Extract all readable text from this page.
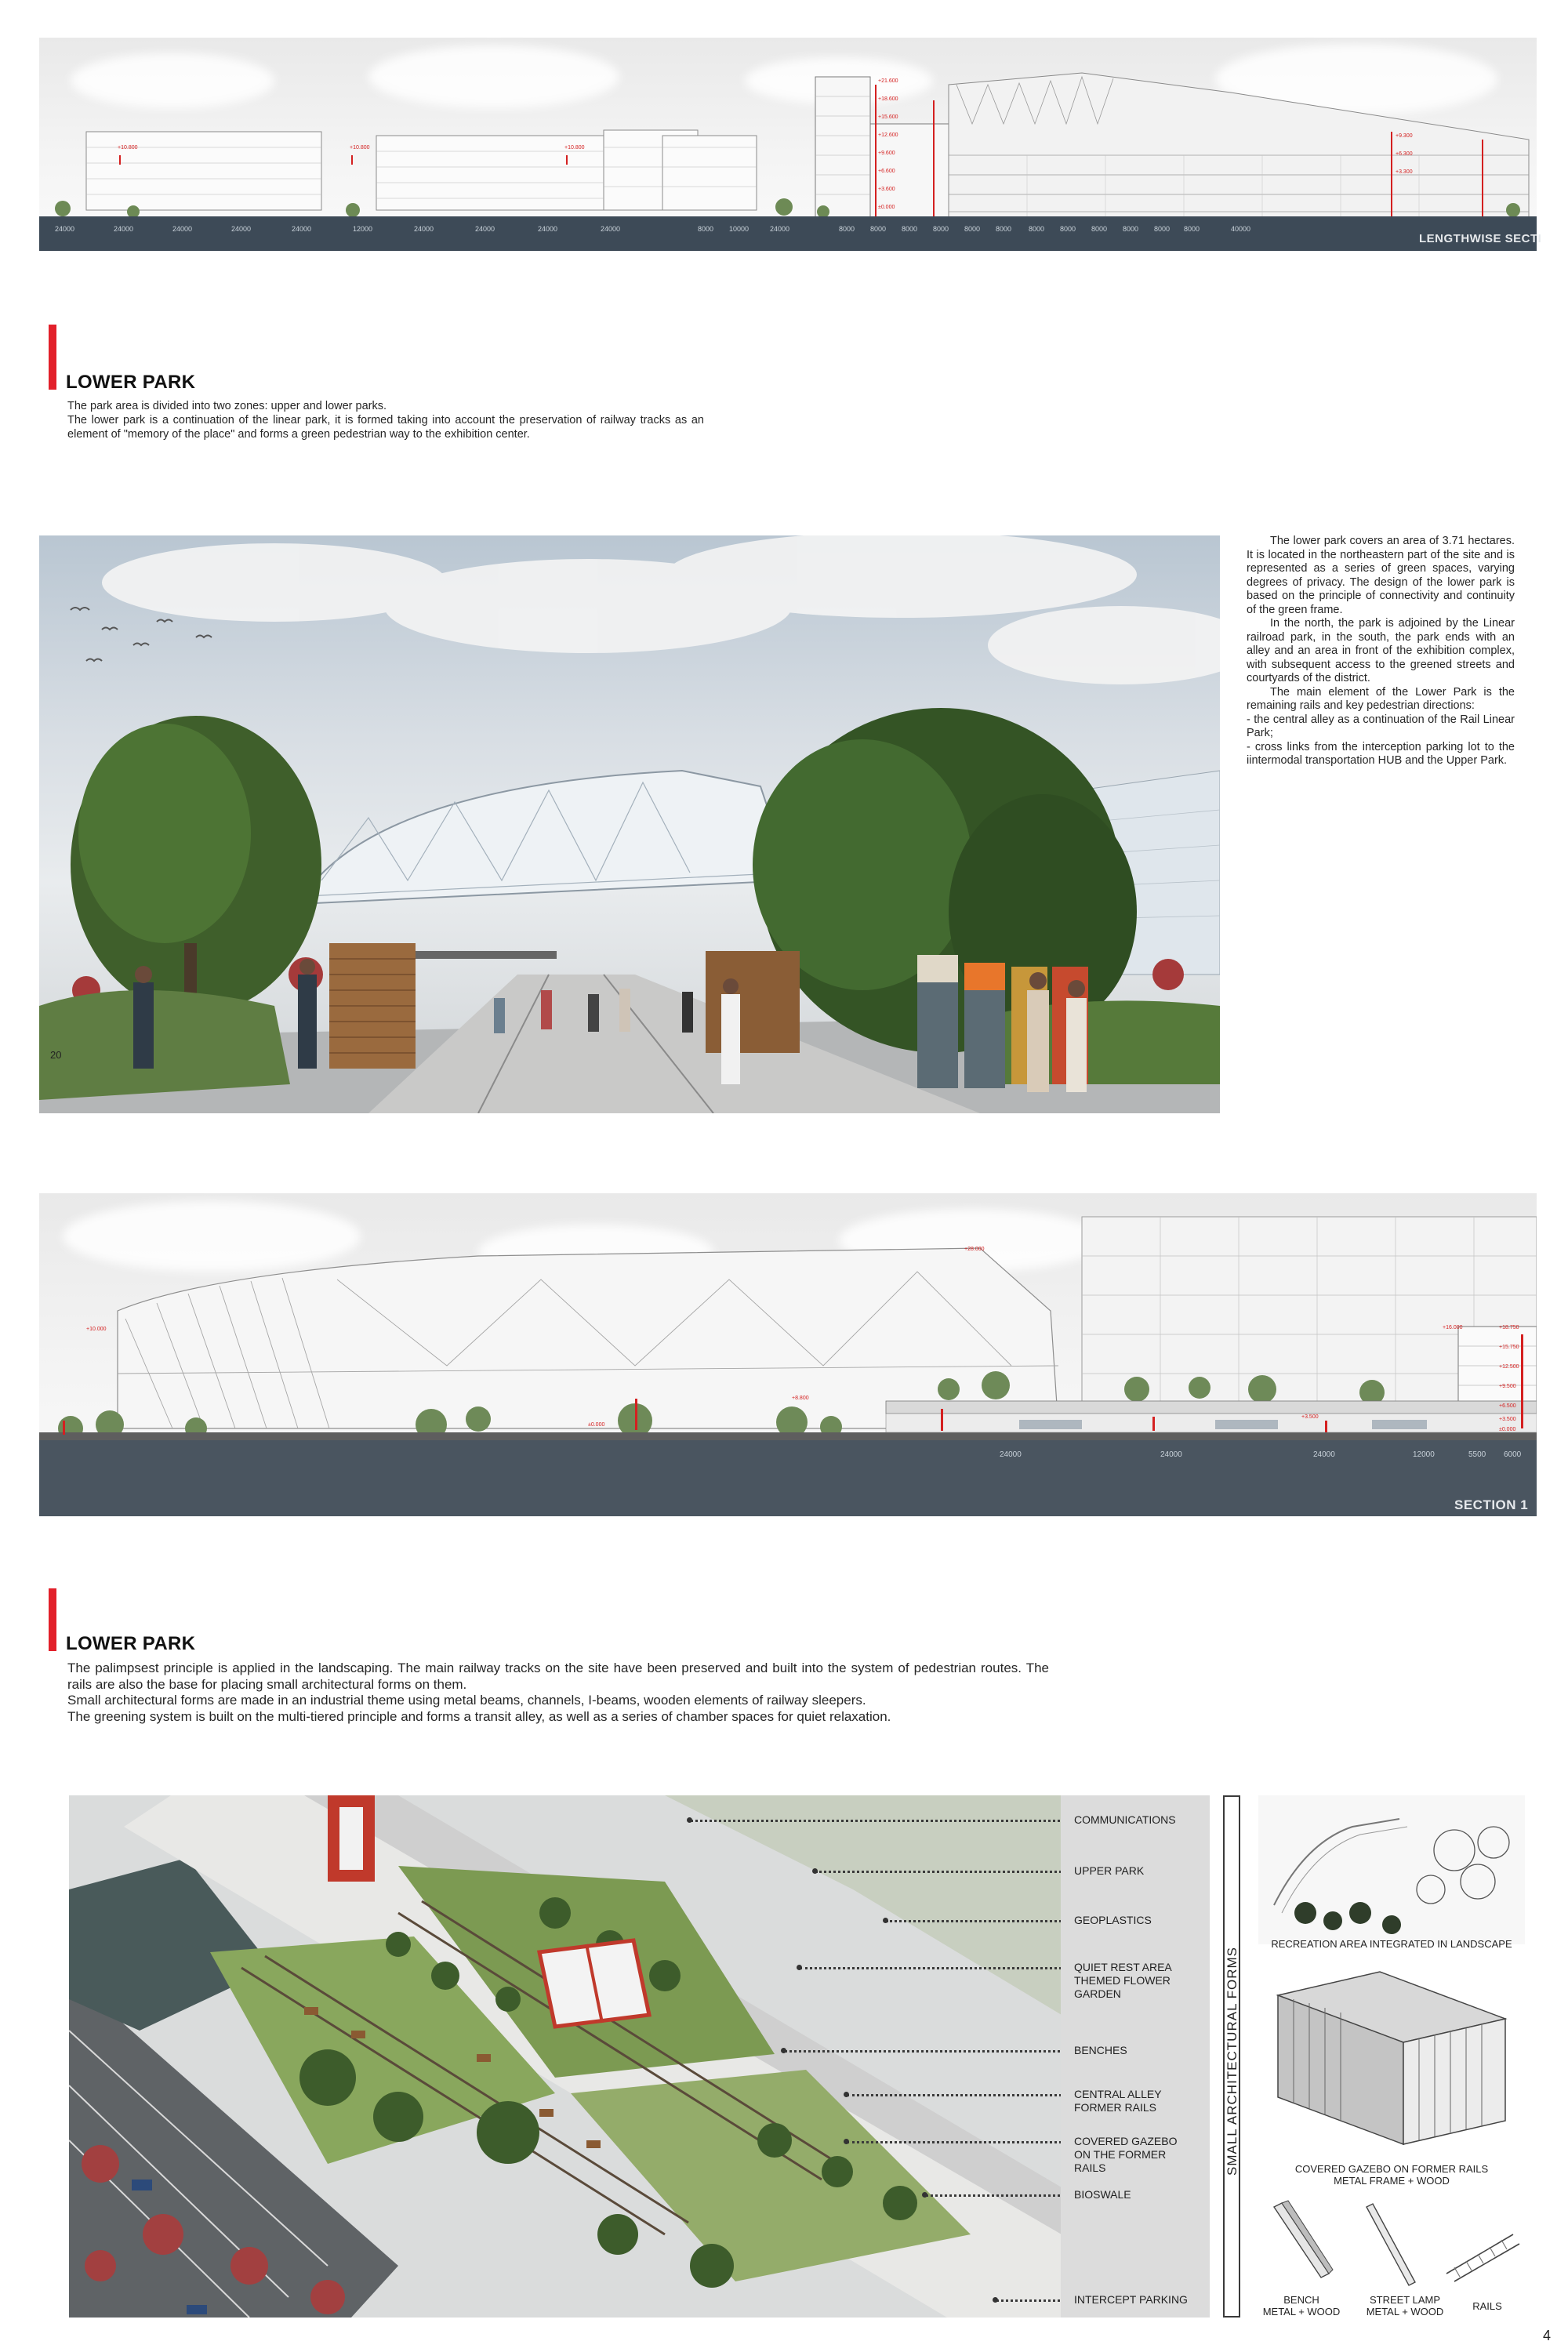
+10.800	+10.800	+10.800
+21.600
+18.600
+15.600
+12.600
+9.600
+6.600
+3.600
±0.000
+3.300
+6.300
+9.300
24000	24000	24000	24000	24000	12000	24000	24000	24000	24000	8000 10000	24000	8000 8000 8000 8000 8000 8000 8000 8000 8000 8000 8000 8000	40000
LENGTHWISE SECTI
LOWER PARK

The park area is divided into two zones: upper and lower parks.

The lower park is a continuation of the linear park, it is formed taking into account the preservation of railway tracks as an element of "memory of the place" and forms a green pedestrian way to the exhibition center.

20

The lower park covers an area of 3.71 hectares. It is located in the northeastern part of the site and is represented as a series of green spaces, varying degrees of privacy. The design of the lower park is based on the principle of connectivity and continuity of the green frame.

In the north, the park is adjoined by the Linear railroad park, in the south, the park ends with an alley and an area in front of the exhibition complex, with subsequent access to the greened streets and courtyards of the district.

The main element of the Lower Park is the remaining rails and key pedestrian directions:

- the central alley as a continuation of the Rail Linear Park;

- cross links from the interception parking lot to the iintermodal transportation HUB and the Upper Park.

+10.000
+28.000
+8.800
±0.000
+3.500
+18.750
+15.750
+12.500
+9.500
+6.500
+3.500
±0.000
+16.000
24000	24000	24000	12000	5500 6000
SECTION 1
LOWER PARK

The palimpsest principle is applied in the landscaping. The main railway tracks on the site have been preserved and built into the system of pedestrian routes. The rails are also the base for placing small architectural forms on them.

Small architectural forms are made in an industrial theme using metal beams, channels, I-beams, wooden elements of railway sleepers.

The greening system is built on the multi-tiered principle and forms a transit alley, as well as a series of chamber spaces for quiet relaxation.

COMMUNICATIONS
UPPER PARK
GEOPLASTICS
QUIET REST AREA
THEMED FLOWER
GARDEN
BENCHES
CENTRAL ALLEY
FORMER RAILS
COVERED GAZEBO
ON THE FORMER
RAILS
BIOSWALE
INTERCEPT PARKING
SMALL ARCHITECTURAL FORMS
RECREATION AREA INTEGRATED IN LANDSCAPE
COVERED GAZEBO ON FORMER RAILS
METAL FRAME + WOOD
BENCH
METAL + WOOD
STREET LAMP
METAL + WOOD	RAILS
4
